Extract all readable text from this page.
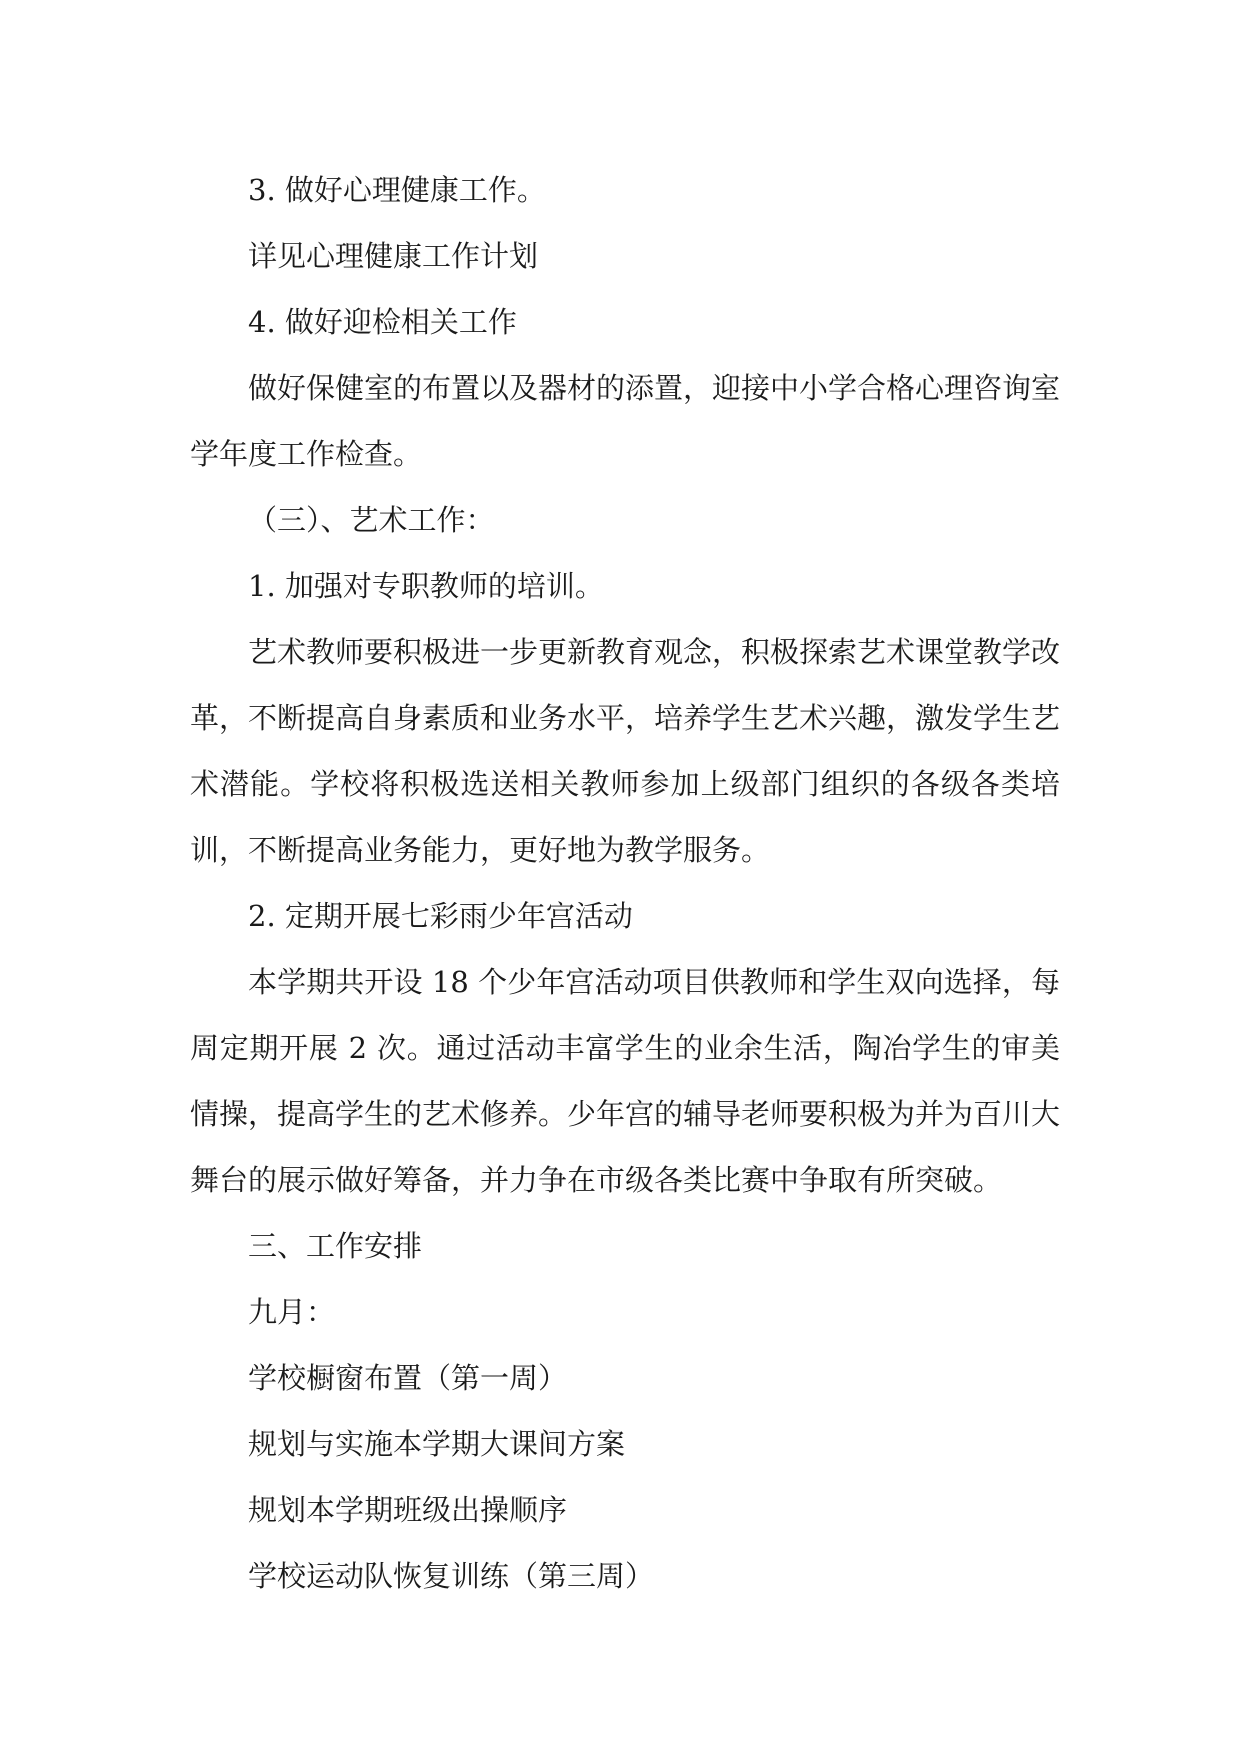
3. 做好心理健康工作。

详见心理健康工作计划

4. 做好迎检相关工作

做好保健室的布置以及器材的添置，迎接中小学合格心理咨询室学年度工作检查。

（三）、艺术工作：

1. 加强对专职教师的培训。

艺术教师要积极进一步更新教育观念，积极探索艺术课堂教学改革，不断提高自身素质和业务水平，培养学生艺术兴趣，激发学生艺术潜能。学校将积极选送相关教师参加上级部门组织的各级各类培训，不断提高业务能力，更好地为教学服务。

2. 定期开展七彩雨少年宫活动

本学期共开设 18 个少年宫活动项目供教师和学生双向选择，每周定期开展 2 次。通过活动丰富学生的业余生活，陶冶学生的审美情操，提高学生的艺术修养。少年宫的辅导老师要积极为并为百川大舞台的展示做好筹备，并力争在市级各类比赛中争取有所突破。

三、工作安排

九月：

学校橱窗布置（第一周）

规划与实施本学期大课间方案

规划本学期班级出操顺序

学校运动队恢复训练（第三周）
